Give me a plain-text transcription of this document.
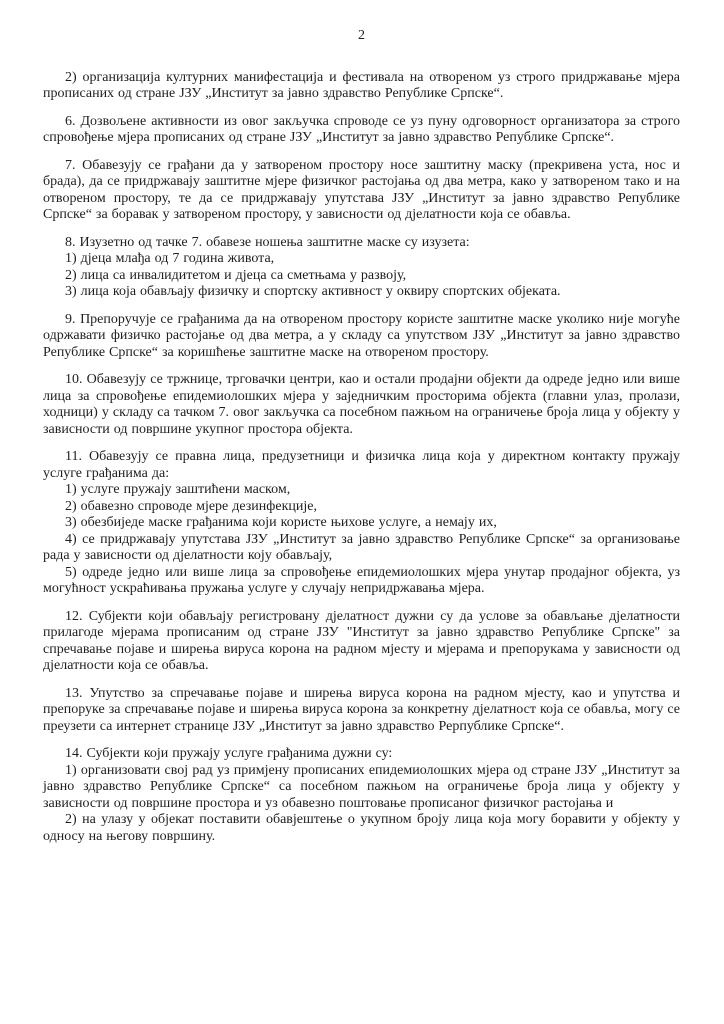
2

2) организација културних манифестација и фестивала на отвореном уз строго придржавање мјера прописаних од стране ЈЗУ „Институт за јавно здравство Републике Српске“.

6. Дозвољене активности из овог закључка спроводе се уз пуну одговорност организатора за строго спровођење мјера прописаних од стране ЈЗУ „Институт за јавно здравство Републике Српске“.

7. Обавезују се грађани да у затвореном простору носе заштитну маску (прекривена уста, нос и брада), да се придржавају заштитне мјере физичког растојања од два метра, како у затвореном тако и на отвореном простору, те да се придржавају упутстава ЈЗУ „Институт за јавно здравство Републике Српске“ за боравак у затвореном простору, у зависности од дјелатности која се обавља.

8. Изузетно од тачке 7. обавезе ношења заштитне маске су изузета:

1) дјеца млађа од 7 година живота,

2) лица са инвалидитетом и дјеца са сметњама у развоју,

3) лица која обављају физичку и спортску активност у оквиру спортских објеката.

9. Препоручује се грађанима да на отвореном простору користе заштитне маске уколико није могуће одржавати физичко растојање од два метра, а у складу са упутством ЈЗУ „Институт за јавно здравство Републике Српске“ за коришћење заштитне маске на отвореном простору.

10. Обавезују се тржнице, трговачки центри, као и остали продајни објекти да одреде једно или више лица за спровођење епидемиолошких мјера у заједничким просторима објекта (главни улаз, пролази, ходници) у складу са тачком 7. овог закључка са посебном пажњом на ограничење броја лица у објекту у зависности од површине укупног простора објекта.

11. Обавезују се правна лица, предузетници и физичка лица која у директном контакту пружају услуге грађанима да:

1) услуге пружају заштићени маском,

2) обавезно спроводе мјере дезинфекције,

3) обезбиједе маске грађанима који користе њихове услуге, а немају их,

4) се придржавају упутстава ЈЗУ „Институт за јавно здравство Републике Српске“ за организовање рада у зависности од дјелатности коју обављају,

5) одреде једно или више лица за спровођење епидемиолошких мјера унутар продајног објекта, уз могућност ускраћивања пружања услуге у случају непридржавања мјера.

12. Субјекти који обављају регистровану дјелатност дужни су да услове за обављање дјелатности прилагоде мјерама прописаним од стране ЈЗУ "Институт за јавно здравство Републике Српске" за спречавање појаве и ширења вируса корона на радном мјесту и мјерама и препорукама у зависности од дјелатности која се обавља.

13. Упутство за спречавање појаве и ширења вируса корона на радном мјесту, као и упутства и препоруке за спречавање појаве и ширења вируса корона за конкретну дјелатност која се обавља, могу се преузети са интернет странице ЈЗУ „Институт за јавно здравство Рерпублике Српске“.

14. Субјекти који пружају услуге грађанима дужни су:

1) организовати свој рад уз примјену прописаних епидемиолошких мјера од стране ЈЗУ „Институт за јавно здравство Републике Српске“ са посебном пажњом на ограничење броја лица у објекту у зависности од површине простора и уз обавезно поштовање прописаног физичког растојања и

2) на улазу у објекат поставити обавјештење о укупном броју лица која могу боравити у објекту у односу на његову површину.
